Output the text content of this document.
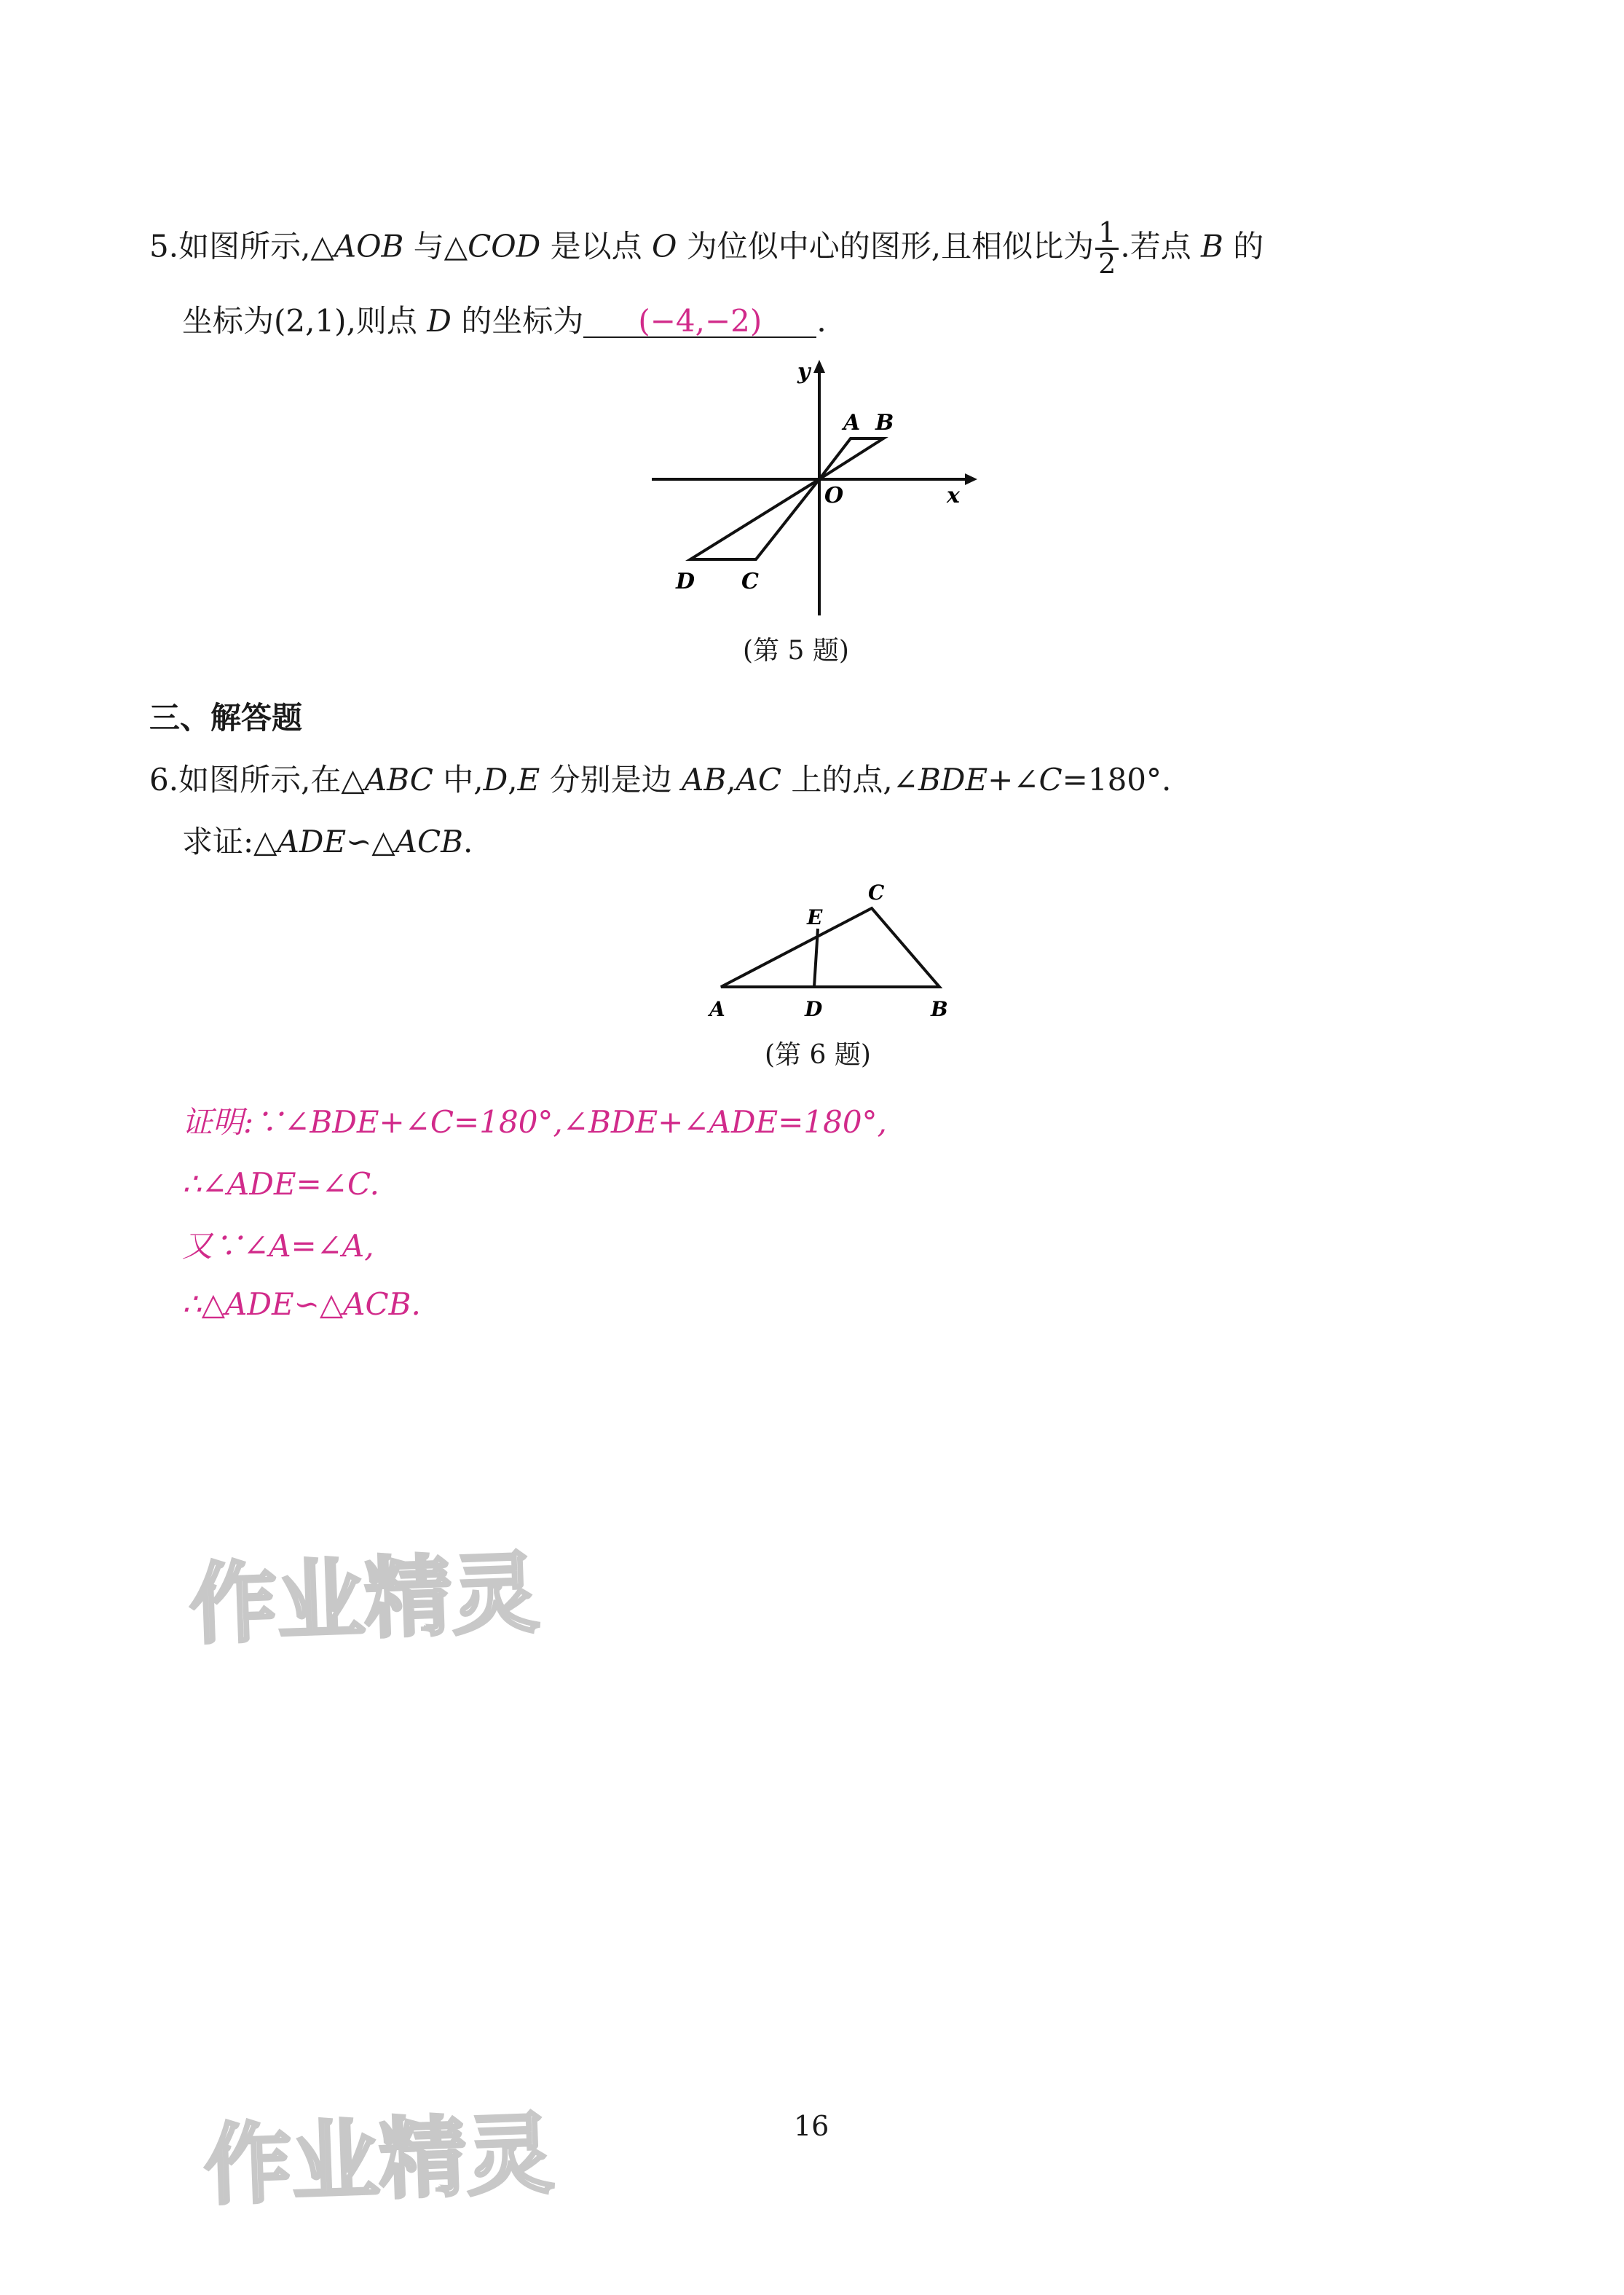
5.如图所示,△AOB 与△COD 是以点 O 为位似中心的图形,且相似比为 $\frac{1}{2}$ .若点 B 的
坐标为(2,1),则点 D 的坐标为 (−4,−2) .
y
x
O
A B
C
D
(第 5 题)
三、解答题
6.如图所示,在△ABC 中,D,E 分别是边 AB,AC 上的点,∠BDE+∠C=180°.
求证:△ADE∽△ACB.
A	D	B
E
C
(第 6 题)
证明:∵∠BDE+∠C=180°,∠BDE+∠ADE=180°,
∴∠ADE=∠C.
又∵∠A=∠A,
∴△ADE∽△ACB.
作业精灵
作业精灵	16
